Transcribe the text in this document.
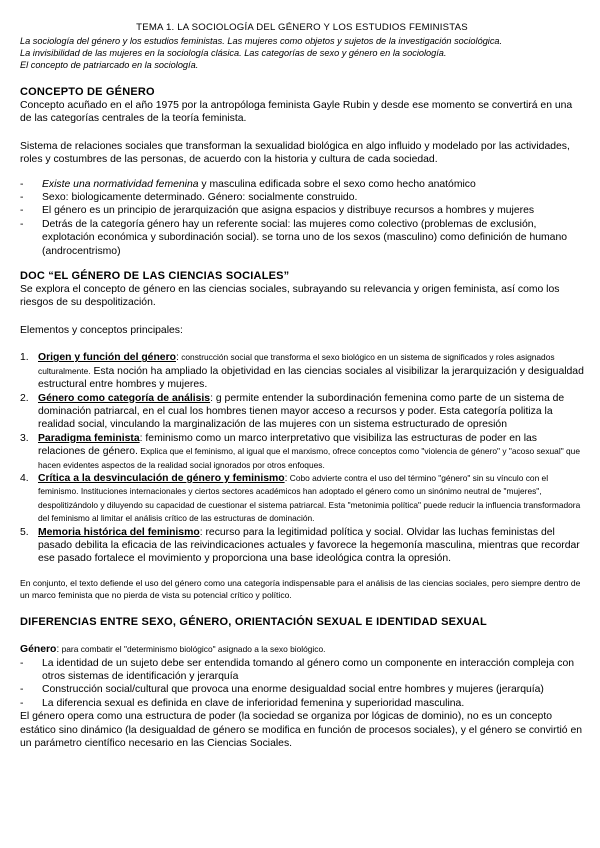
TEMA 1. LA SOCIOLOGÍA DEL GÉNERO Y LOS ESTUDIOS FEMINISTAS
La sociología del género y los estudios feministas. Las mujeres como objetos y sujetos de la investigación sociológica.
La invisibilidad de las mujeres en la sociología clásica. Las categorías de sexo y género en la sociología.
El concepto de patriarcado en la sociología.
CONCEPTO DE GÉNERO

Concepto acuñado en el año 1975 por la antropóloga feminista Gayle Rubin y desde ese momento se convertirá en una de las categorías centrales de la teoría feminista.

Sistema de relaciones sociales que transforman la sexualidad biológica en algo influido y modelado por las actividades, roles y costumbres de las personas, de acuerdo con la historia y cultura de cada sociedad.

- Existe una normatividad femenina y masculina edificada sobre el sexo como hecho anatómico
- Sexo: biologicamente determinado. Género: socialmente construido.
- El género es un principio de jerarquización que asigna espacios y distribuye recursos a hombres y mujeres
- Detrás de la categoría género hay un referente social: las mujeres como colectivo (problemas de exclusión, explotación económica y subordinación social). se torna uno de los sexos (masculino) como definición de humano (androcentrismo)
DOC “EL GÉNERO DE LAS CIENCIAS SOCIALES”

Se explora el concepto de género en las ciencias sociales, subrayando su relevancia y origen feminista, así como los riesgos de su despolitización.

Elementos y conceptos principales:

1. Origen y función del género: construcción social que transforma el sexo biológico en un sistema de significados y roles asignados culturalmente. Esta noción ha ampliado la objetividad en las ciencias sociales al visibilizar la jerarquización y desigualdad estructural entre hombres y mujeres.
2. Género como categoría de análisis: g permite entender la subordinación femenina como parte de un sistema de dominación patriarcal, en el cual los hombres tienen mayor acceso a recursos y poder. Esta categoría politiza la realidad social, vinculando la marginalización de las mujeres con un sistema estructurado de opresión
3. Paradigma feminista: feminismo como un marco interpretativo que visibiliza las estructuras de poder en las relaciones de género. Explica que el feminismo, al igual que el marxismo, ofrece conceptos como "violencia de género" y "acoso sexual" que hacen evidentes aspectos de la realidad social ignorados por otros enfoques.
4. Crítica a la desvinculación de género y feminismo: Cobo advierte contra el uso del término "género" sin su vínculo con el feminismo. Instituciones internacionales y ciertos sectores académicos han adoptado el género como un sinónimo neutral de "mujeres", despolitizándolo y diluyendo su capacidad de cuestionar el sistema patriarcal. Esta "metonimia política" puede reducir la influencia transformadora del feminismo al limitar el análisis crítico de las estructuras de dominación.
5. Memoria histórica del feminismo: recurso para la legitimidad política y social. Olvidar las luchas feministas del pasado debilita la eficacia de las reivindicaciones actuales y favorece la hegemonía masculina, mientras que recordar ese pasado fortalece el movimiento y proporciona una base ideológica contra la opresión.

En conjunto, el texto defiende el uso del género como una categoría indispensable para el análisis de las ciencias sociales, pero siempre dentro de un marco feminista que no pierda de vista su potencial crítico y político.

DIFERENCIAS ENTRE SEXO, GÉNERO, ORIENTACIÓN SEXUAL E IDENTIDAD SEXUAL

Género: para combatir el "determinismo biológico" asignado a la sexo biológico.

- La identidad de un sujeto debe ser entendida tomando al género como un componente en interacción compleja con otros sistemas de identificación y jerarquía
- Construcción social/cultural que provoca una enorme desigualdad social entre hombres y mujeres (jerarquía)
- La diferencia sexual es definida en clave de inferioridad femenina y superioridad masculina.

El género opera como una estructura de poder (la sociedad se organiza por lógicas de dominio), no es un concepto estático sino dinámico (la desigualdad de género se modifica en función de procesos sociales), y el género se convirtió en un parámetro científico necesario en las Ciencias Sociales.
